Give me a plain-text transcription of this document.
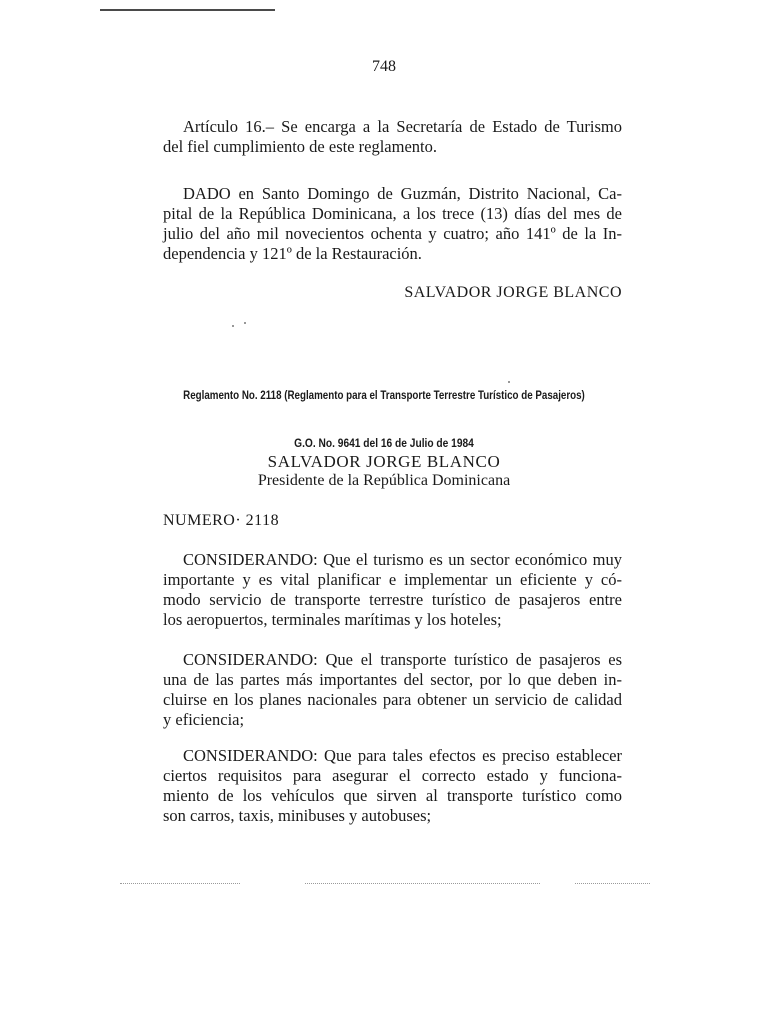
748
Artículo 16.– Se encarga a la Secretaría de Estado de Turismo
del fiel cumplimiento de este reglamento.
DADO en Santo Domingo de Guzmán, Distrito Nacional, Ca-
pital de la República Dominicana, a los trece (13) días del mes de
julio del año mil novecientos ochenta y cuatro; año 141º de la In-
dependencia y 121º de la Restauración.
SALVADOR JORGE BLANCO
Reglamento No. 2118 (Reglamento para el Transporte Terrestre Turístico de Pasajeros)
G.O. No. 9641 del 16 de Julio de 1984
SALVADOR JORGE BLANCO
Presidente de la República Dominicana
NUMERO· 2118
CONSIDERANDO: Que el turismo es un sector económico muy
importante y es vital planificar e implementar un eficiente y có-
modo servicio de transporte terrestre turístico de pasajeros entre
los aeropuertos, terminales marítimas y los hoteles;
CONSIDERANDO: Que el transporte turístico de pasajeros es
una de las partes más importantes del sector, por lo que deben in-
cluirse en los planes nacionales para obtener un servicio de calidad
y eficiencia;
CONSIDERANDO: Que para tales efectos es preciso establecer
ciertos requisitos para asegurar el correcto estado y funciona-
miento de los vehículos que sirven al transporte turístico como
son carros, taxis, minibuses y autobuses;
